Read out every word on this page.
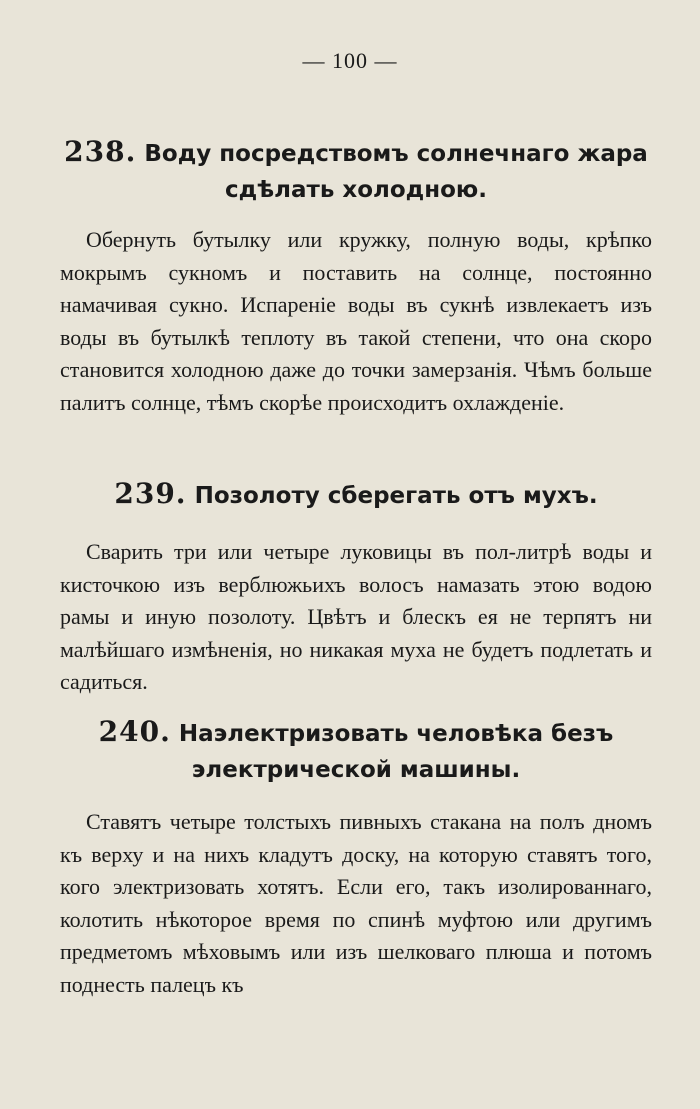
— 100 —
238. Воду посредствомъ солнечнаго жара сдѣлать холодною.

Обернуть бутылку или кружку, полную воды, крѣпко мокрымъ сукномъ и поставить на солнце, постоянно намачивая сукно. Испареніе воды въ сукнѣ извлекаетъ изъ воды въ бутылкѣ теплоту въ такой степени, что она скоро становится холодною даже до точки замерзанія. Чѣмъ больше палитъ солнце, тѣмъ скорѣе происходитъ охлажденіе.

239. Позолоту сберегать отъ мухъ.

Сварить три или четыре луковицы въ пол-литрѣ воды и кисточкою изъ верблюжьихъ волосъ намазать этою водою рамы и иную позолоту. Цвѣтъ и блескъ ея не терпятъ ни малѣйшаго измѣненія, но никакая муха не будетъ подлетать и садиться.

240. Наэлектризовать человѣка безъ электрической машины.

Ставятъ четыре толстыхъ пивныхъ стакана на полъ дномъ къ верху и на нихъ кладутъ доску, на которую ставятъ того, кого электризовать хотятъ. Если его, такъ изолированнаго, колотить нѣкоторое время по спинѣ муфтою или другимъ предметомъ мѣховымъ или изъ шелковаго плюша и потомъ поднесть палецъ къ
